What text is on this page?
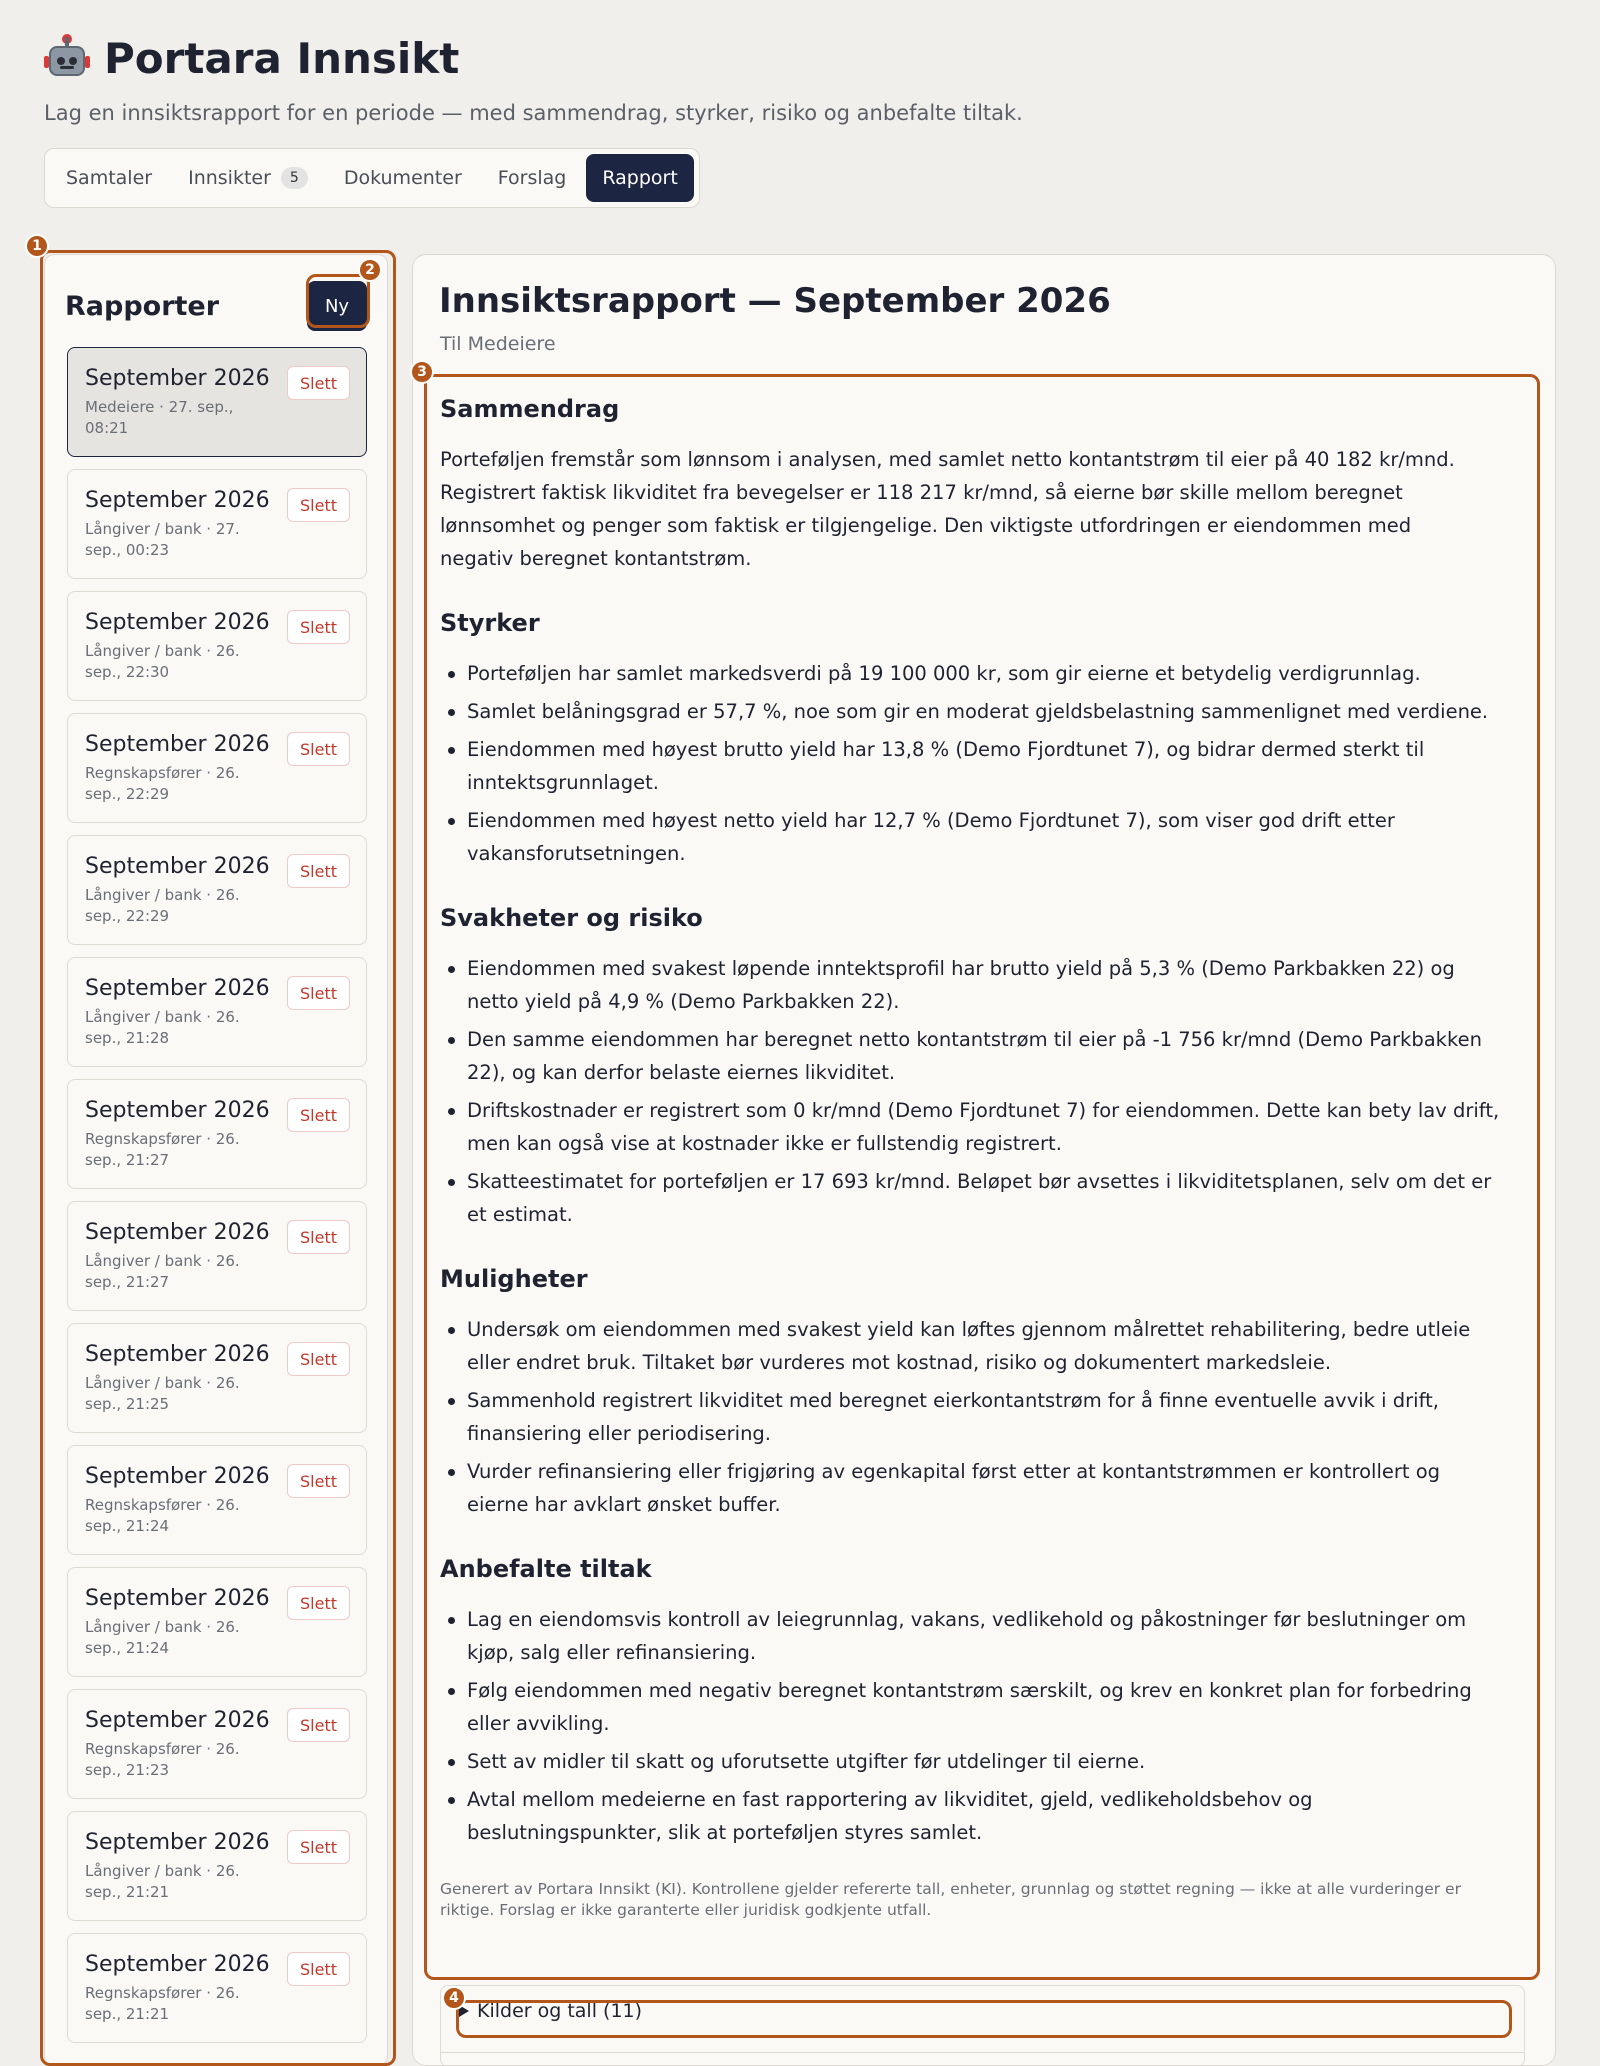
Portara Innsikt
Lag en innsiktsrapport for en periode — med sammendrag, styrker, risiko og anbefalte tiltak.
Samtaler Innsikter	5	Dokumenter Forslag Rapport
Rapporter	Ny
September 2026
Medeiere · 27. sep., 08:21
Slett
September 2026
Långiver / bank · 27. sep., 00:23
Slett
September 2026
Långiver / bank · 26. sep., 22:30
Slett
September 2026
Regnskapsfører · 26. sep., 22:29
Slett
September 2026
Långiver / bank · 26. sep., 22:29
Slett
September 2026
Långiver / bank · 26. sep., 21:28
Slett
September 2026
Regnskapsfører · 26. sep., 21:27
Slett
September 2026
Långiver / bank · 26. sep., 21:27
Slett
September 2026
Långiver / bank · 26. sep., 21:25
Slett
September 2026
Regnskapsfører · 26. sep., 21:24
Slett
September 2026
Långiver / bank · 26. sep., 21:24
Slett
September 2026
Regnskapsfører · 26. sep., 21:23
Slett
September 2026
Långiver / bank · 26. sep., 21:21
Slett
September 2026
Regnskapsfører · 26. sep., 21:21
Slett
Innsiktsrapport — September 2026
Til Medeiere
Sammendrag

Porteføljen fremstår som lønnsom i analysen, med samlet netto kontantstrøm til eier på 40 182 kr/mnd. Registrert faktisk likviditet fra bevegelser er 118 217 kr/mnd, så eierne bør skille mellom beregnet lønnsomhet og penger som faktisk er tilgjengelige. Den viktigste utfordringen er eiendommen med negativ beregnet kontantstrøm.

Styrker
Porteføljen har samlet markedsverdi på 19 100 000 kr, som gir eierne et betydelig verdigrunnlag.
Samlet belåningsgrad er 57,7 %, noe som gir en moderat gjeldsbelastning sammenlignet med verdiene.
Eiendommen med høyest brutto yield har 13,8 % (Demo Fjordtunet 7), og bidrar dermed sterkt til inntektsgrunnlaget.
Eiendommen med høyest netto yield har 12,7 % (Demo Fjordtunet 7), som viser god drift etter vakansforutsetningen.
Svakheter og risiko
Eiendommen med svakest løpende inntektsprofil har brutto yield på 5,3 % (Demo Parkbakken 22) og netto yield på 4,9 % (Demo Parkbakken 22).
Den samme eiendommen har beregnet netto kontantstrøm til eier på -1 756 kr/mnd (Demo Parkbakken 22), og kan derfor belaste eiernes likviditet.
Driftskostnader er registrert som 0 kr/mnd (Demo Fjordtunet 7) for eiendommen. Dette kan bety lav drift, men kan også vise at kostnader ikke er fullstendig registrert.
Skatteestimatet for porteføljen er 17 693 kr/mnd. Beløpet bør avsettes i likviditetsplanen, selv om det er et estimat.
Muligheter
Undersøk om eiendommen med svakest yield kan løftes gjennom målrettet rehabilitering, bedre utleie eller endret bruk. Tiltaket bør vurderes mot kostnad, risiko og dokumentert markedsleie.
Sammenhold registrert likviditet med beregnet eierkontantstrøm for å finne eventuelle avvik i drift, finansiering eller periodisering.
Vurder refinansiering eller frigjøring av egenkapital først etter at kontantstrømmen er kontrollert og eierne har avklart ønsket buffer.
Anbefalte tiltak
Lag en eiendomsvis kontroll av leiegrunnlag, vakans, vedlikehold og påkostninger før beslutninger om kjøp, salg eller refinansiering.
Følg eiendommen med negativ beregnet kontantstrøm særskilt, og krev en konkret plan for forbedring eller avvikling.
Sett av midler til skatt og uforutsette utgifter før utdelinger til eierne.
Avtal mellom medeierne en fast rapportering av likviditet, gjeld, vedlikeholdsbehov og beslutningspunkter, slik at porteføljen styres samlet.

Generert av Portara Innsikt (KI). Kontrollene gjelder refererte tall, enheter, grunnlag og støttet regning — ikke at alle vurderinger er riktige. Forslag er ikke garanterte eller juridisk godkjente utfall.

Kilder og tall (11)
1
2
3
4
